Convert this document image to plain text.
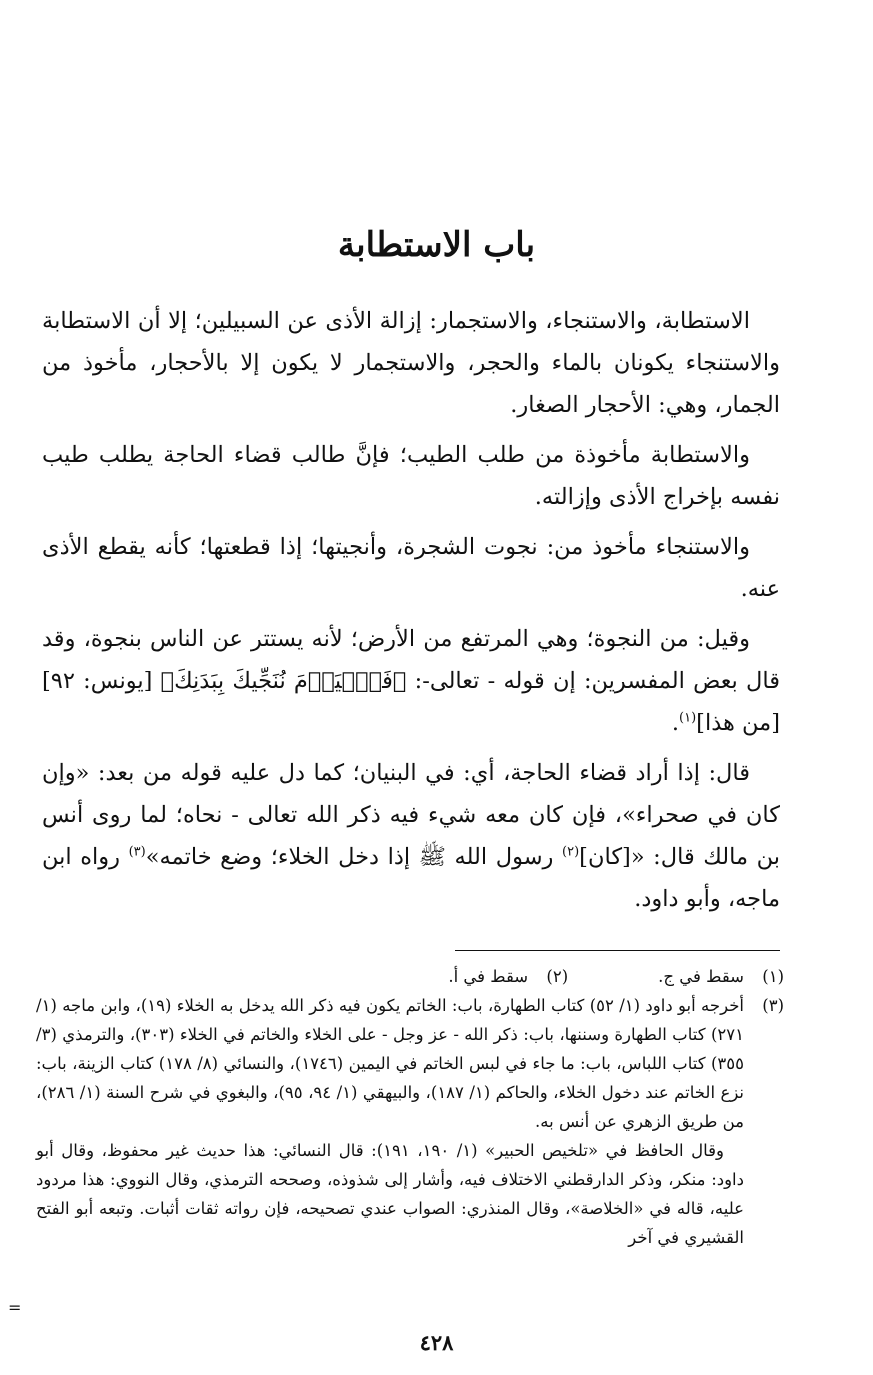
باب الاستطابة

الاستطابة، والاستنجاء، والاستجمار: إزالة الأذى عن السبيلين؛ إلا أن الاستطابة والاستنجاء يكونان بالماء والحجر، والاستجمار لا يكون إلا بالأحجار، مأخوذ من الجمار، وهي: الأحجار الصغار.

والاستطابة مأخوذة من طلب الطيب؛ فإنَّ طالب قضاء الحاجة يطلب طيب نفسه بإخراج الأذى وإزالته.

والاستنجاء مأخوذ من: نجوت الشجرة، وأنجيتها؛ إذا قطعتها؛ كأنه يقطع الأذى عنه.

وقيل: من النجوة؛ وهي المرتفع من الأرض؛ لأنه يستتر عن الناس بنجوة، وقد قال بعض المفسرين: إن قوله - تعالى-: ﴿فَٱلۡيَوۡمَ نُنَجِّيكَ بِبَدَنِكَ﴾ [يونس: ٩٢] [من هذا]$^{(١)}$.

قال: إذا أراد قضاء الحاجة، أي: في البنيان؛ كما دل عليه قوله من بعد: «وإن كان في صحراء»، فإن كان معه شيء فيه ذكر الله تعالى - نحاه؛ لما روى أنس بن مالك قال: «[كان]$^{(٢)}$ رسول الله ﷺ إذا دخل الخلاء؛ وضع خاتمه»$^{(٣)}$ رواه ابن ماجه، وأبو داود.

(١)
سقط في ج.
(٢)
سقط في أ.
(٣)

أخرجه أبو داود (١/ ٥٢) كتاب الطهارة، باب: الخاتم يكون فيه ذكر الله يدخل به الخلاء (١٩)، وابن ماجه (١/ ٢٧١) كتاب الطهارة وسننها، باب: ذكر الله - عز وجل - على الخلاء والخاتم في الخلاء (٣٠٣)، والترمذي (٣/ ٣٥٥) كتاب اللباس، باب: ما جاء في لبس الخاتم في اليمين (١٧٤٦)، والنسائي (٨/ ١٧٨) كتاب الزينة، باب: نزع الخاتم عند دخول الخلاء، والحاكم (١/ ١٨٧)، والبيهقي (١/ ٩٤، ٩٥)، والبغوي في شرح السنة (١/ ٢٨٦)، من طريق الزهري عن أنس به.

وقال الحافظ في «تلخيص الحبير» (١/ ١٩٠، ١٩١): قال النسائي: هذا حديث غير محفوظ، وقال أبو داود: منكر، وذكر الدارقطني الاختلاف فيه، وأشار إلى شذوذه، وصححه الترمذي، وقال النووي: هذا مردود عليه، قاله في «الخلاصة»، وقال المنذري: الصواب عندي تصحيحه، فإن رواته ثقات أثبات. وتبعه أبو الفتح القشيري في آخر

=
٤٢٨
